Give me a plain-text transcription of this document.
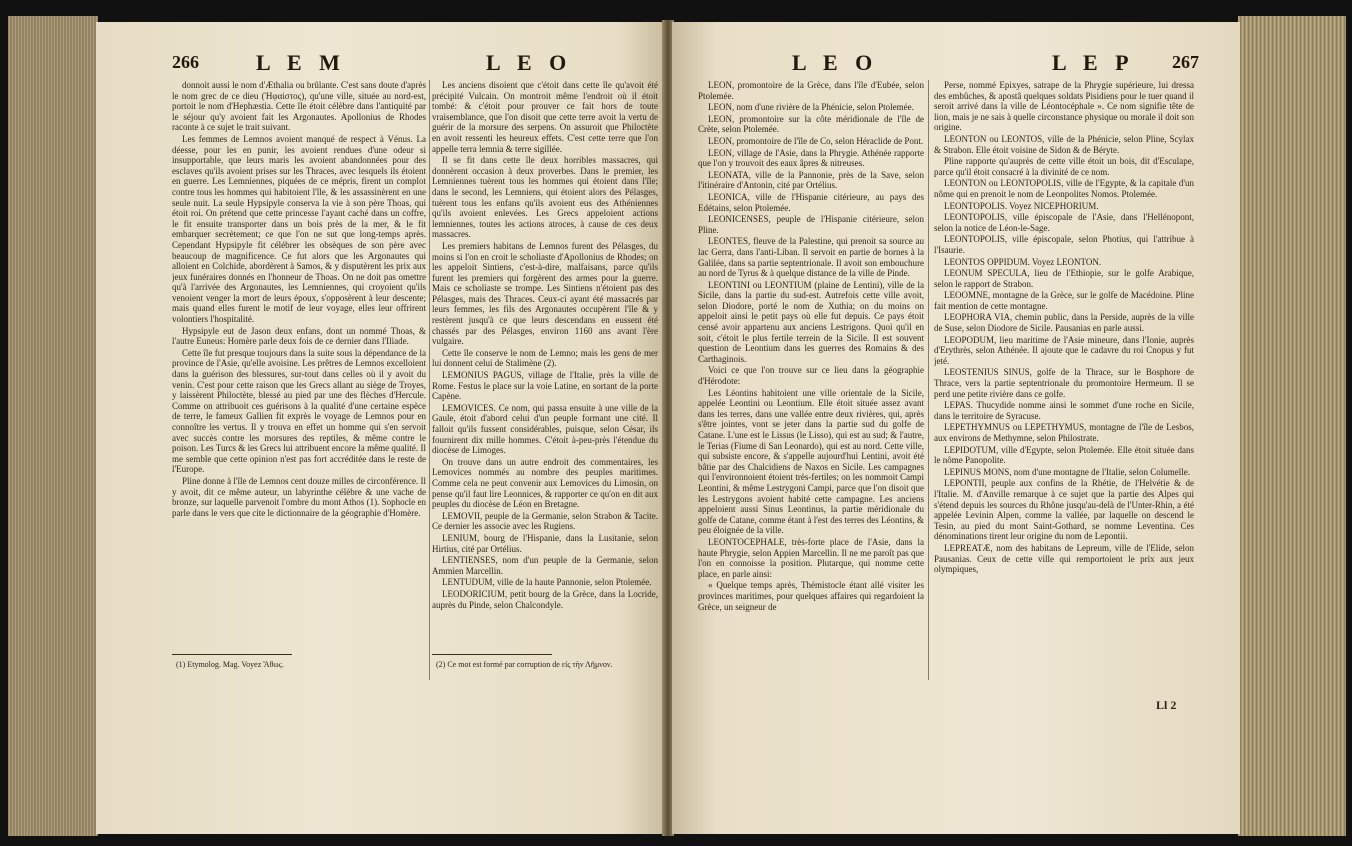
266	L E M	L E O

donnoit aussi le nom d'Æthalia ou brûlante. C'est sans doute d'après le nom grec de ce dieu (Ἡφαίστος), qu'une ville, située au nord-est, portoit le nom d'Hephæstia. Cette île étoit célèbre dans l'antiquité par le séjour qu'y avoient fait les Argonautes. Apollonius de Rhodes raconte à ce sujet le trait suivant.

Les femmes de Lemnos avoient manqué de respect à Vénus. La déesse, pour les en punir, les avoient rendues d'une odeur si insupportable, que leurs maris les avoient abandonnées pour des esclaves qu'ils avoient prises sur les Thraces, avec lesquels ils étoient en guerre. Les Lemniennes, piquées de ce mépris, firent un complot contre tous les hommes qui habitoient l'île, & les assassinèrent en une seule nuit. La seule Hypsipyle conserva la vie à son père Thoas, qui étoit roi. On prétend que cette princesse l'ayant caché dans un coffre, le fit ensuite transporter dans un bois près de la mer, & le fit embarquer secrètement; ce que l'on ne sut que long-temps après. Cependant Hypsipyle fit célébrer les obsèques de son père avec beaucoup de magnificence. Ce fut alors que les Argonautes qui alloient en Colchide, abordèrent à Samos, & y disputèrent les prix aux jeux funéraires donnés en l'honneur de Thoas. On ne doit pas omettre qu'à l'arrivée des Argonautes, les Lemniennes, qui croyoient qu'ils venoient venger la mort de leurs époux, s'opposèrent à leur descente; mais quand elles furent le motif de leur voyage, elles leur offrirent volontiers l'hospitalité.

Hypsipyle eut de Jason deux enfans, dont un nommé Thoas, & l'autre Euneus: Homère parle deux fois de ce dernier dans l'Iliade.

Cette île fut presque toujours dans la suite sous la dépendance de la province de l'Asie, qu'elle avoisine. Les prêtres de Lemnos excelloient dans la guérison des blessures, sur-tout dans celles où il y avoit du venin. C'est pour cette raison que les Grecs allant au siège de Troyes, y laissèrent Philoctète, blessé au pied par une des flèches d'Hercule. Comme on attribuoit ces guérisons à la qualité d'une certaine espèce de terre, le fameux Gallien fit exprès le voyage de Lemnos pour en connoître les vertus. Il y trouva en effet un homme qui s'en servoit avec succès contre les morsures des reptiles, & même contre le poison. Les Turcs & les Grecs lui attribuent encore la même qualité. Il me semble que cette opinion n'est pas fort accréditée dans le reste de l'Europe.

Pline donne à l'île de Lemnos cent douze milles de circonférence. Il y avoit, dit ce même auteur, un labyrinthe célèbre & une vache de bronze, sur laquelle parvenoit l'ombre du mont Athos (1). Sophocle en parle dans le vers que cite le dictionnaire de la géographie d'Homère.

Les anciens disoient que c'étoit dans cette île qu'avoit été précipité Vulcain. On montroit même l'endroit où il étoit tombé: & c'étoit pour prouver ce fait hors de toute vraisemblance, que l'on disoit que cette terre avoit la vertu de guérir de la morsure des serpens. On assuroit que Philoctète en avoit ressenti les heureux effets. C'est cette terre que l'on appelle terra lemnia & terre sigillée.

Il se fit dans cette île deux horribles massacres, qui donnèrent occasion à deux proverbes. Dans le premier, les Lemniennes tuèrent tous les hommes qui étoient dans l'île; dans le second, les Lemniens, qui étoient alors des Pélasges, tuèrent tous les enfans qu'ils avoient eus des Athéniennes qu'ils avoient enlevées. Les Grecs appeloient actions lemniennes, toutes les actions atroces, à cause de ces deux massacres.

Les premiers habitans de Lemnos furent des Pélasges, du moins si l'on en croit le scholiaste d'Apollonius de Rhodes; on les appeloit Sintiens, c'est-à-dire, malfaisans, parce qu'ils furent les premiers qui forgèrent des armes pour la guerre. Mais ce scholiaste se trompe. Les Sintiens n'étoient pas des Pélasges, mais des Thraces. Ceux-ci ayant été massacrés par leurs femmes, les fils des Argonautes occupèrent l'île & y restèrent jusqu'à ce que leurs descendans en eussent été chassés par des Pélasges, environ 1160 ans avant l'ère vulgaire.

Cette île conserve le nom de Lemno; mais les gens de mer lui donnent celui de Stalimène (2).

LEMONIUS PAGUS, village de l'Italie, près la ville de Rome. Festus le place sur la voie Latine, en sortant de la porte Capène.

LEMOVICES. Ce nom, qui passa ensuite à une ville de la Gaule, étoit d'abord celui d'un peuple formant une cité. Il falloit qu'ils fussent considérables, puisque, selon César, ils fournirent dix mille hommes. C'étoit à-peu-près l'étendue du diocèse de Limoges.

On trouve dans un autre endroit des commentaires, les Lemovices nommés au nombre des peuples maritimes. Comme cela ne peut convenir aux Lemovices du Limosin, on pense qu'il faut lire Leonnices, & rapporter ce qu'on en dit aux peuples du diocèse de Léon en Bretagne.

LEMOVII, peuple de la Germanie, selon Strabon & Tacite. Ce dernier les associe avec les Rugiens.

LENIUM, bourg de l'Hispanie, dans la Lusitanie, selon Hirtius, cité par Ortélius.

LENTIENSES, nom d'un peuple de la Germanie, selon Ammien Marcellin.

LENTUDUM, ville de la haute Pannonie, selon Ptolemée.

LEODORICIUM, petit bourg de la Grèce, dans la Locride, auprès du Pinde, selon Chalcondyle.

(1) Etymolog. Mag. Voyez Ἄθως.	(2) Ce mot est formé par corruption de εἰς τὴν Λῆμνον.
L E O	L E P 267

LEON, promontoire de la Grèce, dans l'île d'Eubée, selon Ptolemée.

LEON, nom d'une rivière de la Phénicie, selon Ptolemée.

LEON, promontoire sur la côte méridionale de l'île de Crète, selon Ptolemée.

LEON, promontoire de l'île de Co, selon Héraclide de Pont.

LEON, village de l'Asie, dans la Phrygie. Athénée rapporte que l'on y trouvoit des eaux âpres & nitreuses.

LEONATA, ville de la Pannonie, près de la Save, selon l'itinéraire d'Antonin, cité par Ortélius.

LEONICA, ville de l'Hispanie citérieure, au pays des Edétains, selon Ptolemée.

LEONICENSES, peuple de l'Hispanie citérieure, selon Pline.

LEONTES, fleuve de la Palestine, qui prenoit sa source au lac Gerra, dans l'anti-Liban. Il servoit en partie de bornes à la Galilée, dans sa partie septentrionale. Il avoit son embouchure au nord de Tyrus & à quelque distance de la ville de Pinde.

LEONTINI ou LEONTIUM (plaine de Lentini), ville de la Sicile, dans la partie du sud-est. Autrefois cette ville avoit, selon Diodore, porté le nom de Xuthia; on du moins on appeloit ainsi le petit pays où elle fut depuis. Ce pays étoit censé avoir appartenu aux anciens Lestrigons. Quoi qu'il en soit, c'étoit le plus fertile terrein de la Sicile. Il est souvent question de Leontium dans les guerres des Romains & des Carthaginois.

Voici ce que l'on trouve sur ce lieu dans la géographie d'Hérodote:

Les Léontins habitoient une ville orientale de la Sicile, appelée Leontini ou Leontium. Elle étoit située assez avant dans les terres, dans une vallée entre deux rivières, qui, après s'être jointes, vont se jeter dans la partie sud du golfe de Catane. L'une est le Lissus (le Lisso), qui est au sud; & l'autre, le Terias (Fiume di San Leonardo), qui est au nord. Cette ville, qui subsiste encore, & s'appelle aujourd'hui Lentini, avoit été bâtie par des Chalcidiens de Naxos en Sicile. Les campagnes qui l'environnoient étoient très-fertiles; on les nommoit Campi Leontini, & même Lestrygoni Campi, parce que l'on disoit que les Lestrygons avoient habité cette campagne. Les anciens appeloient aussi Sinus Leontinus, la partie méridionale du golfe de Catane, comme étant à l'est des terres des Léontins, & peu éloignée de la ville.

LEONTOCEPHALE, très-forte place de l'Asie, dans la haute Phrygie, selon Appien Marcellin. Il ne me paroît pas que l'on en connoisse la position. Plutarque, qui nomme cette place, en parle ainsi:

« Quelque temps après, Thémistocle étant allé visiter les provinces maritimes, pour quelques affaires qui regardoient la Grèce, un seigneur de

Perse, nommé Epixyes, satrape de la Phrygie supérieure, lui dressa des embûches, & apostâ quelques soldats Pisidiens pour le tuer quand il seroit arrivé dans la ville de Léontocéphale ». Ce nom signifie tête de lion, mais je ne sais à quelle circonstance physique ou morale il doit son origine.

LEONTON ou LEONTOS, ville de la Phénicie, selon Pline, Scylax & Strabon. Elle étoit voisine de Sidon & de Béryte.

Pline rapporte qu'auprès de cette ville étoit un bois, dit d'Esculape, parce qu'il étoit consacré à la divinité de ce nom.

LEONTON ou LEONTOPOLIS, ville de l'Egypte, & la capitale d'un nôme qui en prenoit le nom de Leonpolites Nomos. Ptolemée.

LEONTOPOLIS. Voyez NICEPHORIUM.

LEONTOPOLIS, ville épiscopale de l'Asie, dans l'Hellénopont, selon la notice de Léon-le-Sage.

LEONTOPOLIS, ville épiscopale, selon Photius, qui l'attribue à l'Isaurie.

LEONTOS OPPIDUM. Voyez LEONTON.

LEONUM SPECULA, lieu de l'Ethiopie, sur le golfe Arabique, selon le rapport de Strabon.

LEOOMNE, montagne de la Grèce, sur le golfe de Macédoine. Pline fait mention de cette montagne.

LEOPHORA VIA, chemin public, dans la Perside, auprès de la ville de Suse, selon Diodore de Sicile. Pausanias en parle aussi.

LEOPODUM, lieu maritime de l'Asie mineure, dans l'Ionie, auprès d'Erythrès, selon Athénée. Il ajoute que le cadavre du roi Cnopus y fut jeté.

LEOSTENIUS SINUS, golfe de la Thrace, sur le Bosphore de Thrace, vers la partie septentrionale du promontoire Hermeum. Il se perd une petite rivière dans ce golfe.

LEPAS. Thucydide nomme ainsi le sommet d'une roche en Sicile, dans le territoire de Syracuse.

LEPETHYMNUS ou LEPETHYMUS, montagne de l'île de Lesbos, aux environs de Methymne, selon Philostrate.

LEPIDOTUM, ville d'Egypte, selon Ptolemée. Elle étoit située dans le nôme Panopolite.

LEPINUS MONS, nom d'une montagne de l'Italie, selon Columelle.

LEPONTII, peuple aux confins de la Rhétie, de l'Helvétie & de l'Italie. M. d'Anville remarque à ce sujet que la partie des Alpes qui s'étend depuis les sources du Rhône jusqu'au-delà de l'Unter-Rhin, a été appelée Levinin Alpen, comme la vallée, par laquelle on descend le Tesin, au pied du mont Saint-Gothard, se nomme Leventina. Ces dénominations tirent leur origine du nom de Lepontii.

LEPREATÆ, nom des habitans de Lepreum, ville de l'Elide, selon Pausanias. Ceux de cette ville qui remportoient le prix aux jeux olympiques,

Ll 2
